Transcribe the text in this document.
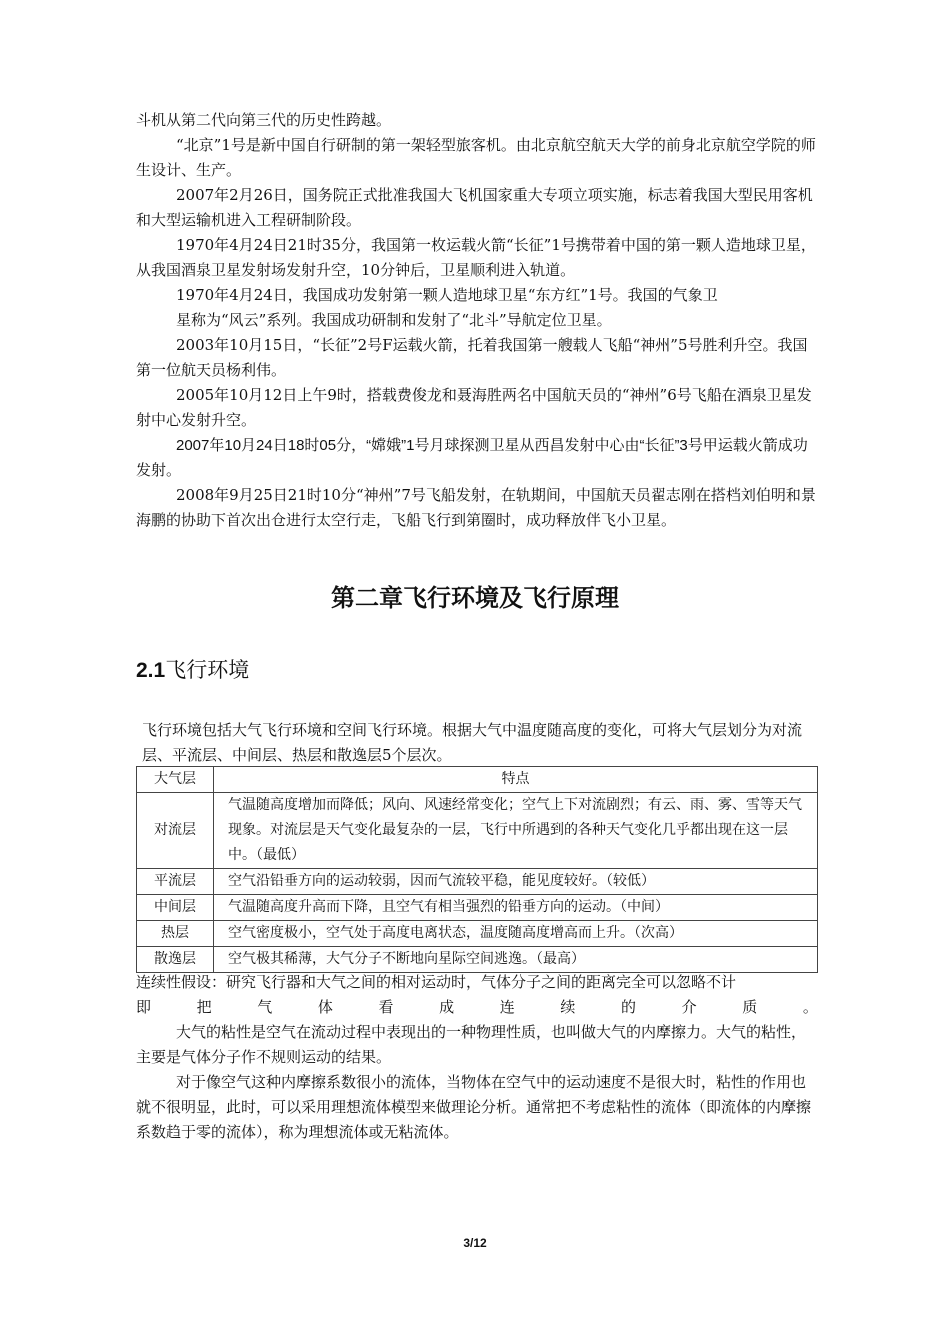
斗机从第二代向第三代的历史性跨越。

“北京”1号是新中国自行研制的第一架轻型旅客机。由北京航空航天大学的前身北京航空学院的师生设计、生产。

2007年2月26日，国务院正式批准我国大飞机国家重大专项立项实施，标志着我国大型民用客机和大型运输机进入工程研制阶段。

1970年4月24日21时35分，我国第一枚运载火箭“长征”1号携带着中国的第一颗人造地球卫星，从我国酒泉卫星发射场发射升空，10分钟后，卫星顺利进入轨道。

1970年4月24日，我国成功发射第一颗人造地球卫星“东方红”1号。我国的气象卫

星称为“风云”系列。我国成功研制和发射了“北斗”导航定位卫星。

2003年10月15日，“长征”2号F运载火箭，托着我国第一艘载人飞船“神州”5号胜利升空。我国第一位航天员杨利伟。

2005年10月12日上午9时，搭载费俊龙和聂海胜两名中国航天员的“神州”6号飞船在酒泉卫星发射中心发射升空。

2007年10月24日18时05分，“嫦娥”1号月球探测卫星从西昌发射中心由“长征”3号甲运载火箭成功发射。

2008年9月25日21时10分“神州”7号飞船发射，在轨期间，中国航天员翟志刚在搭档刘伯明和景海鹏的协助下首次出仓进行太空行走，飞船飞行到第圈时，成功释放伴飞小卫星。

第二章飞行环境及飞行原理
2.1飞行环境

飞行环境包括大气飞行环境和空间飞行环境。根据大气中温度随高度的变化，可将大气层划分为对流层、平流层、中间层、热层和散逸层5个层次。

大气层	特点
对流层	气温随高度增加而降低；风向、风速经常变化；空气上下对流剧烈；有云、雨、雾、雪等天气现象。对流层是天气变化最复杂的一层，飞行中所遇到的各种天气变化几乎都出现在这一层中。（最低）
平流层	空气沿铅垂方向的运动较弱，因而气流较平稳，能见度较好。（较低）
中间层	气温随高度升高而下降，且空气有相当强烈的铅垂方向的运动。（中间）
热层	空气密度极小，空气处于高度电离状态，温度随高度增高而上升。（次高）
散逸层	空气极其稀薄，大气分子不断地向星际空间逃逸。（最高）

连续性假设：研究飞行器和大气之间的相对运动时，气体分子之间的距离完全可以忽略不计

即	把	气	体	看	成	连	续	的	介	质	。

大气的粘性是空气在流动过程中表现出的一种物理性质，也叫做大气的内摩擦力。大气的粘性，主要是气体分子作不规则运动的结果。

对于像空气这种内摩擦系数很小的流体，当物体在空气中的运动速度不是很大时，粘性的作用也就不很明显，此时，可以采用理想流体模型来做理论分析。通常把不考虑粘性的流体（即流体的内摩擦系数趋于零的流体），称为理想流体或无粘流体。

3/12
